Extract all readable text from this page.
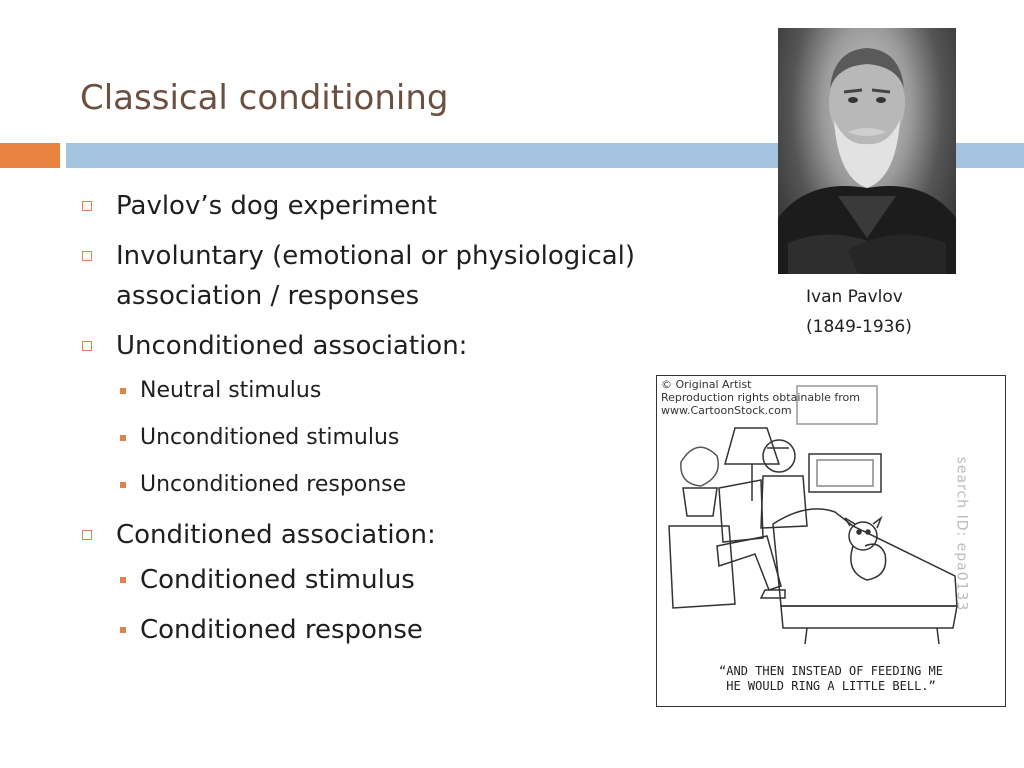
Classical conditioning
Pavlov’s dog experiment
Involuntary (emotional or physiological) association / responses
Unconditioned association:
Neutral stimulus
Unconditioned stimulus
Unconditioned response
Conditioned association:
Conditioned stimulus
Conditioned response
Ivan Pavlov
(1849-1936)
© Original Artist
Reproduction rights obtainable from
www.CartoonStock.com
search ID: epa0133
“AND THEN INSTEAD OF FEEDING ME
HE WOULD RING A LITTLE BELL.”
